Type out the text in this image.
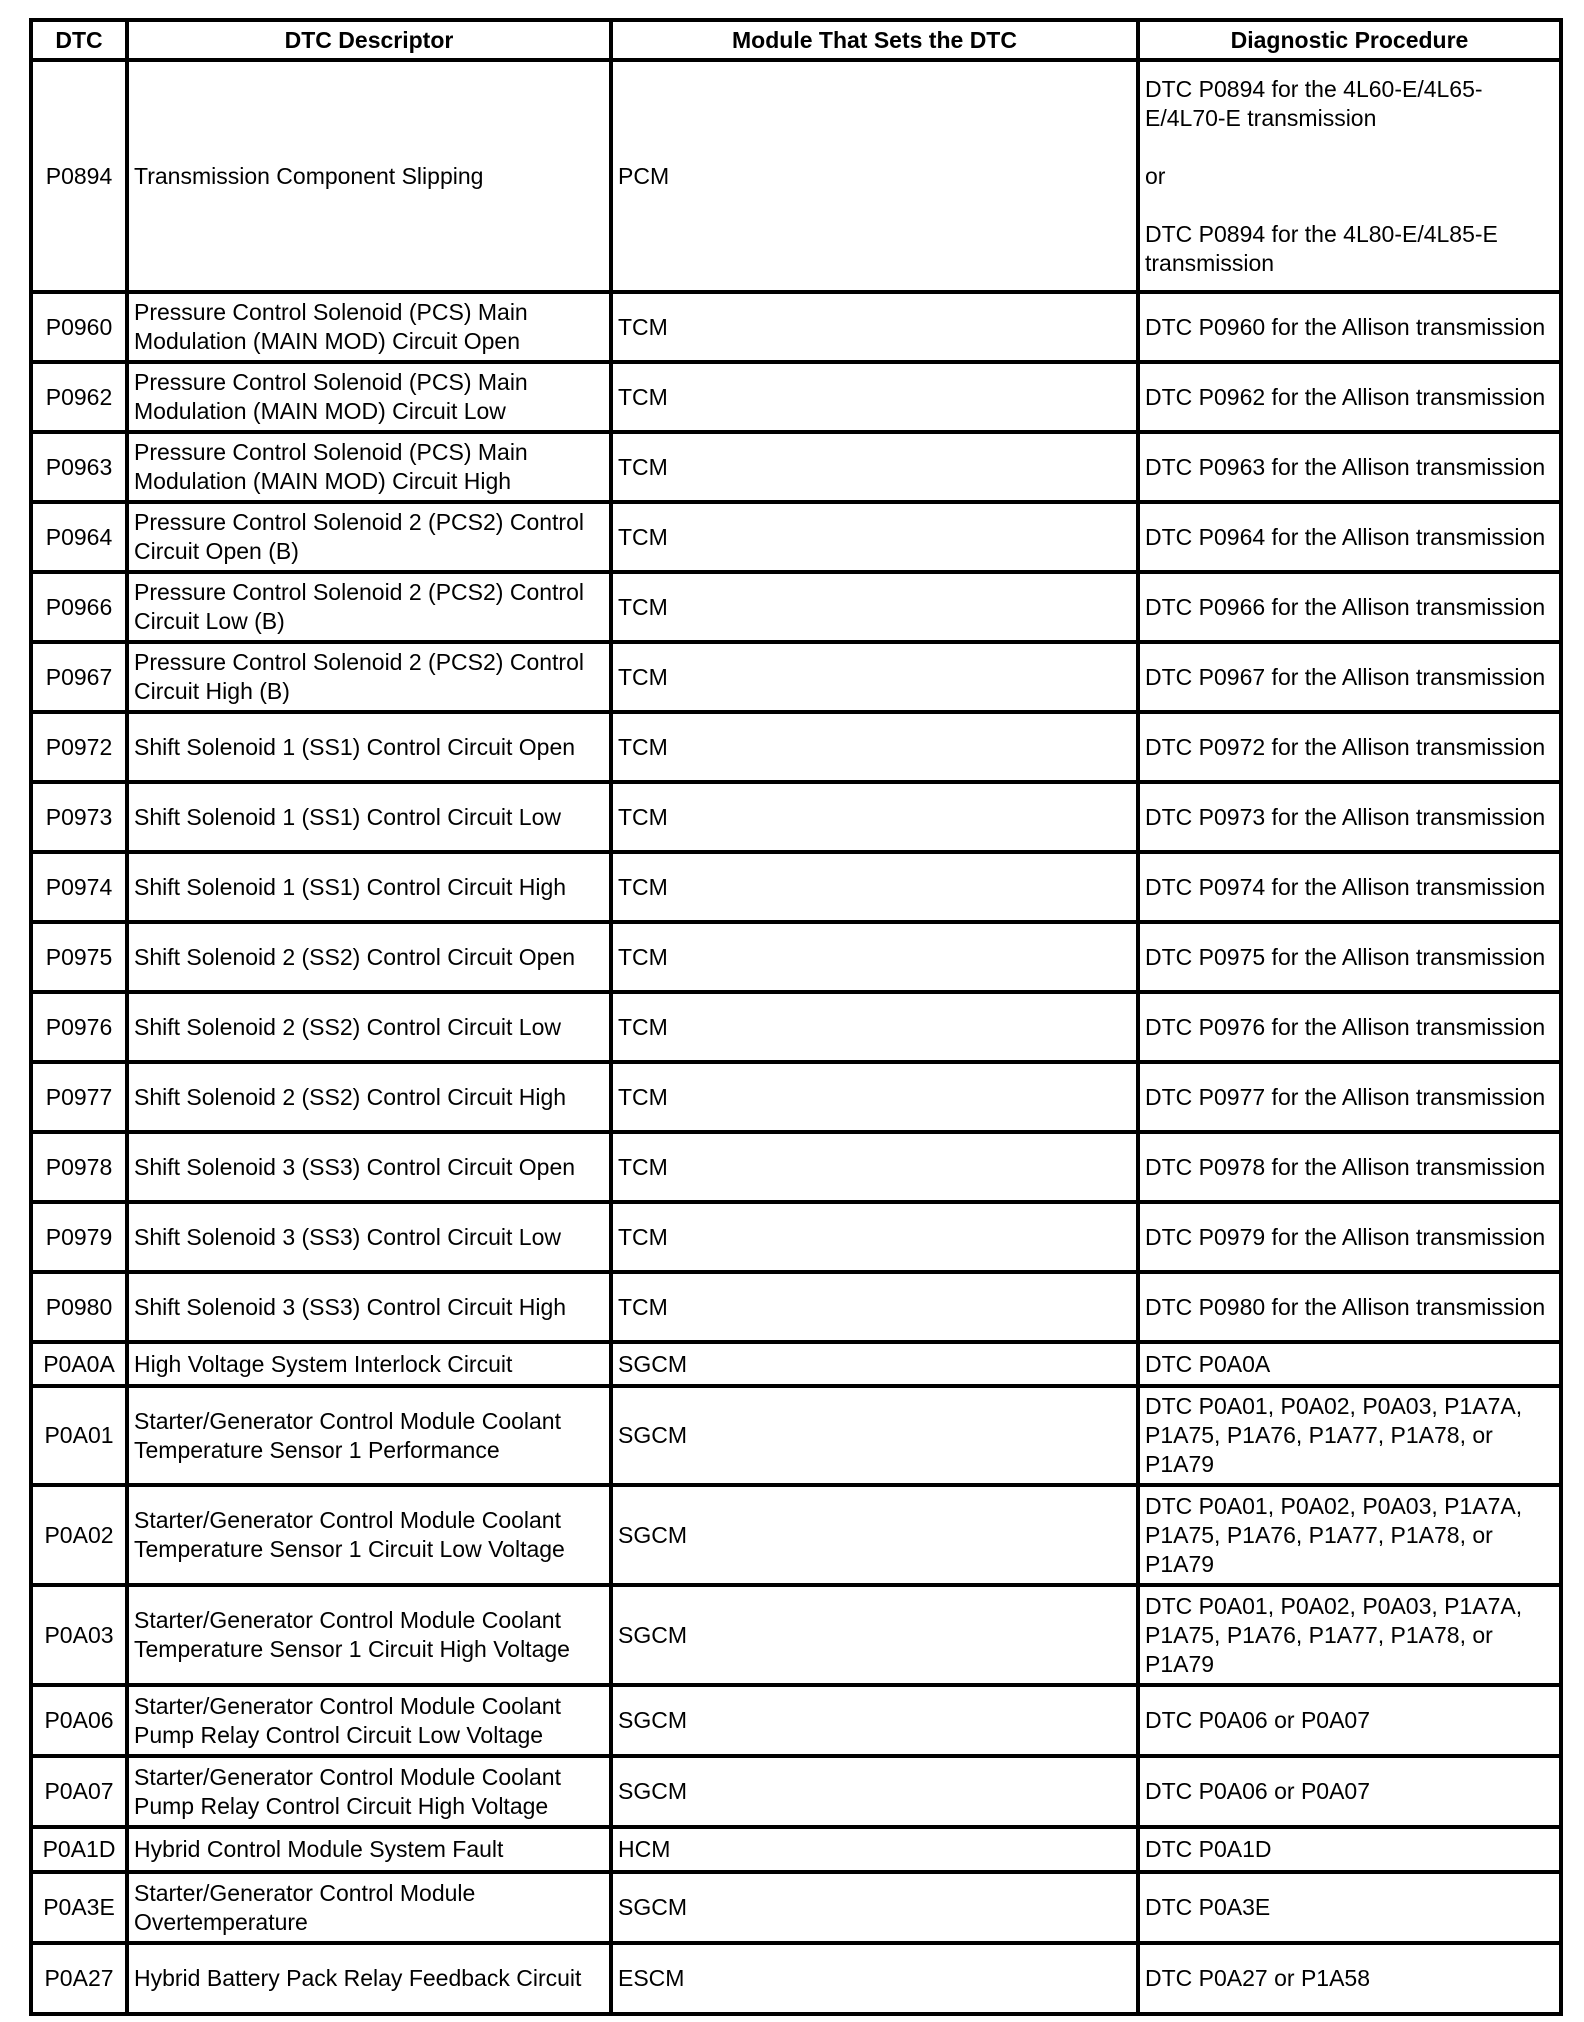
DTC	DTC Descriptor	Module That Sets the DTC	Diagnostic Procedure
P0894	Transmission Component Slipping	PCM	DTC P0894 for the 4L60-E/4L65-E/4L70-E transmission
or
DTC P0894 for the 4L80-E/4L85-E transmission

P0960	Pressure Control Solenoid (PCS) Main Modulation (MAIN MOD) Circuit Open	TCM	DTC P0960 for the Allison transmission
P0962	Pressure Control Solenoid (PCS) Main Modulation (MAIN MOD) Circuit Low	TCM	DTC P0962 for the Allison transmission
P0963	Pressure Control Solenoid (PCS) Main Modulation (MAIN MOD) Circuit High	TCM	DTC P0963 for the Allison transmission
P0964	Pressure Control Solenoid 2 (PCS2) Control Circuit Open (B)	TCM	DTC P0964 for the Allison transmission
P0966	Pressure Control Solenoid 2 (PCS2) Control Circuit Low (B)	TCM	DTC P0966 for the Allison transmission
P0967	Pressure Control Solenoid 2 (PCS2) Control Circuit High (B)	TCM	DTC P0967 for the Allison transmission
P0972	Shift Solenoid 1 (SS1) Control Circuit Open	TCM	DTC P0972 for the Allison transmission
P0973	Shift Solenoid 1 (SS1) Control Circuit Low	TCM	DTC P0973 for the Allison transmission
P0974	Shift Solenoid 1 (SS1) Control Circuit High	TCM	DTC P0974 for the Allison transmission
P0975	Shift Solenoid 2 (SS2) Control Circuit Open	TCM	DTC P0975 for the Allison transmission
P0976	Shift Solenoid 2 (SS2) Control Circuit Low	TCM	DTC P0976 for the Allison transmission
P0977	Shift Solenoid 2 (SS2) Control Circuit High	TCM	DTC P0977 for the Allison transmission
P0978	Shift Solenoid 3 (SS3) Control Circuit Open	TCM	DTC P0978 for the Allison transmission
P0979	Shift Solenoid 3 (SS3) Control Circuit Low	TCM	DTC P0979 for the Allison transmission
P0980	Shift Solenoid 3 (SS3) Control Circuit High	TCM	DTC P0980 for the Allison transmission
P0A0A	High Voltage System Interlock Circuit	SGCM	DTC P0A0A
P0A01	Starter/Generator Control Module Coolant Temperature Sensor 1 Performance	SGCM	DTC P0A01, P0A02, P0A03, P1A7A, P1A75, P1A76, P1A77, P1A78, or P1A79
P0A02	Starter/Generator Control Module Coolant Temperature Sensor 1 Circuit Low Voltage	SGCM	DTC P0A01, P0A02, P0A03, P1A7A, P1A75, P1A76, P1A77, P1A78, or P1A79
P0A03	Starter/Generator Control Module Coolant Temperature Sensor 1 Circuit High Voltage	SGCM	DTC P0A01, P0A02, P0A03, P1A7A, P1A75, P1A76, P1A77, P1A78, or P1A79
P0A06	Starter/Generator Control Module Coolant Pump Relay Control Circuit Low Voltage	SGCM	DTC P0A06 or P0A07
P0A07	Starter/Generator Control Module Coolant Pump Relay Control Circuit High Voltage	SGCM	DTC P0A06 or P0A07
P0A1D	Hybrid Control Module System Fault	HCM	DTC P0A1D
P0A3E	Starter/Generator Control Module Overtemperature	SGCM	DTC P0A3E
P0A27	Hybrid Battery Pack Relay Feedback Circuit	ESCM	DTC P0A27 or P1A58
